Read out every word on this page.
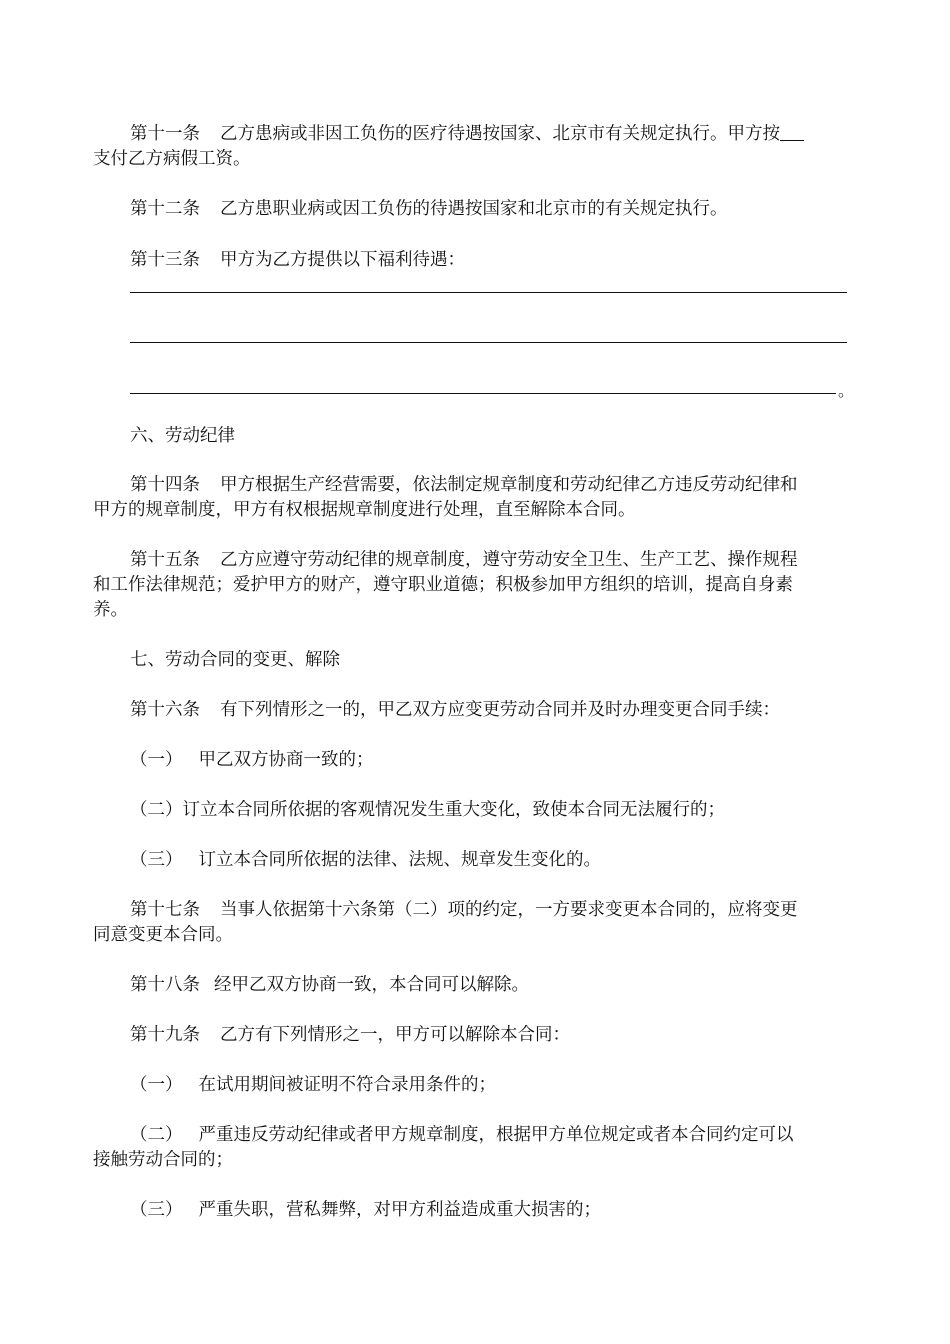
第十一条 乙方患病或非因工负伤的医疗待遇按国家、北京市有关规定执行。甲方按
支付乙方病假工资。
第十二条 乙方患职业病或因工负伤的待遇按国家和北京市的有关规定执行。
第十三条 甲方为乙方提供以下福利待遇：
。
六、劳动纪律
第十四条 甲方根据生产经营需要，依法制定规章制度和劳动纪律乙方违反劳动纪律和
甲方的规章制度，甲方有权根据规章制度进行处理，直至解除本合同。
第十五条 乙方应遵守劳动纪律的规章制度，遵守劳动安全卫生、生产工艺、操作规程
和工作法律规范；爱护甲方的财产，遵守职业道德；积极参加甲方组织的培训，提高自身素
养。
七、劳动合同的变更、解除
第十六条 有下列情形之一的，甲乙双方应变更劳动合同并及时办理变更合同手续：
（一） 甲乙双方协商一致的；
（二）订立本合同所依据的客观情况发生重大变化，致使本合同无法履行的；
（三） 订立本合同所依据的法律、法规、规章发生变化的。
第十七条 当事人依据第十六条第（二）项的约定，一方要求变更本合同的，应将变更
同意变更本合同。
第十八条 经甲乙双方协商一致，本合同可以解除。
第十九条 乙方有下列情形之一，甲方可以解除本合同：
（一） 在试用期间被证明不符合录用条件的；
（二） 严重违反劳动纪律或者甲方规章制度，根据甲方单位规定或者本合同约定可以
接触劳动合同的；
（三） 严重失职，营私舞弊，对甲方利益造成重大损害的；
